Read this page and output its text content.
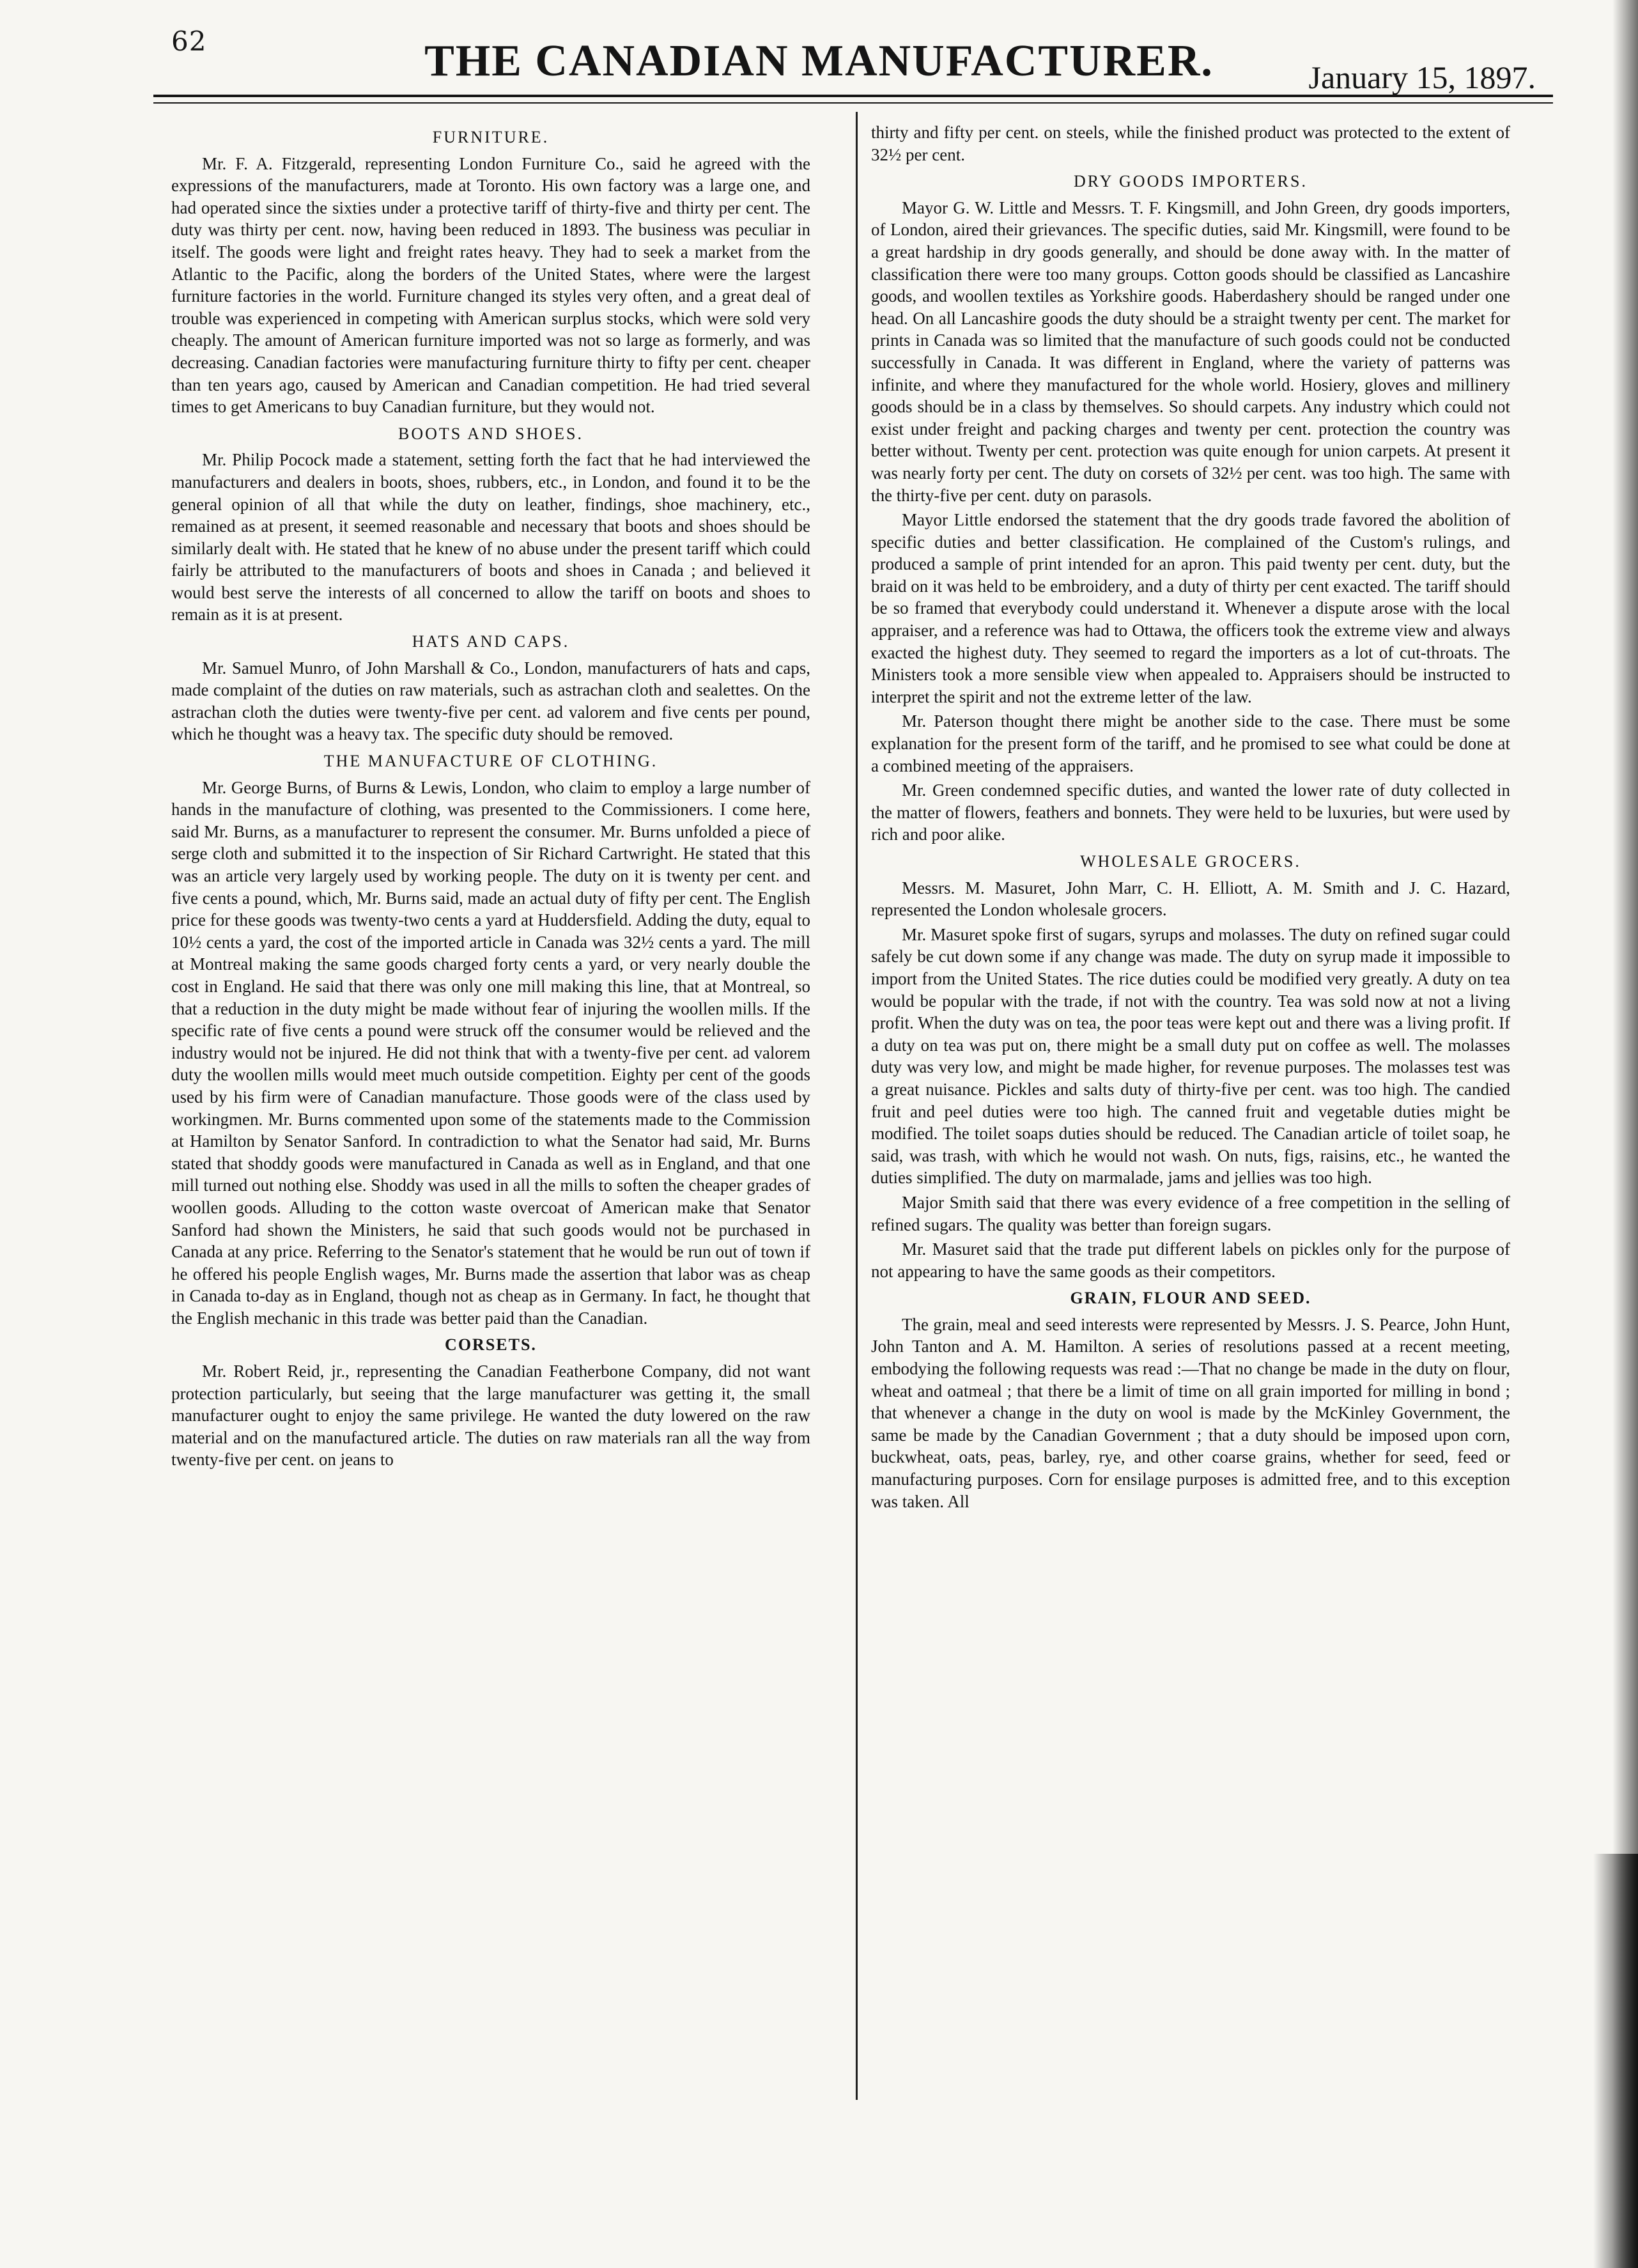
62	THE CANADIAN MANUFACTURER.	January 15, 1897.
FURNITURE.

Mr. F. A. Fitzgerald, representing London Furniture Co., said he agreed with the expressions of the manufacturers, made at Toronto. His own factory was a large one, and had operated since the sixties under a protective tariff of thirty-five and thirty per cent. The duty was thirty per cent. now, having been reduced in 1893. The business was peculiar in itself. The goods were light and freight rates heavy. They had to seek a market from the Atlantic to the Pacific, along the borders of the United States, where were the largest furniture factories in the world. Furniture changed its styles very often, and a great deal of trouble was experienced in competing with American surplus stocks, which were sold very cheaply. The amount of American furniture imported was not so large as formerly, and was decreasing. Canadian factories were manufacturing furniture thirty to fifty per cent. cheaper than ten years ago, caused by American and Canadian competition. He had tried several times to get Americans to buy Canadian furniture, but they would not.

BOOTS AND SHOES.

Mr. Philip Pocock made a statement, setting forth the fact that he had interviewed the manufacturers and dealers in boots, shoes, rubbers, etc., in London, and found it to be the general opinion of all that while the duty on leather, findings, shoe machinery, etc., remained as at present, it seemed reasonable and necessary that boots and shoes should be similarly dealt with. He stated that he knew of no abuse under the present tariff which could fairly be attributed to the manufacturers of boots and shoes in Canada ; and believed it would best serve the interests of all concerned to allow the tariff on boots and shoes to remain as it is at present.

HATS AND CAPS.

Mr. Samuel Munro, of John Marshall & Co., London, manufacturers of hats and caps, made complaint of the duties on raw materials, such as astrachan cloth and sealettes. On the astrachan cloth the duties were twenty-five per cent. ad valorem and five cents per pound, which he thought was a heavy tax. The specific duty should be removed.

THE MANUFACTURE OF CLOTHING.

Mr. George Burns, of Burns & Lewis, London, who claim to employ a large number of hands in the manufacture of clothing, was presented to the Commissioners. I come here, said Mr. Burns, as a manufacturer to represent the consumer. Mr. Burns unfolded a piece of serge cloth and submitted it to the inspection of Sir Richard Cartwright. He stated that this was an article very largely used by working people. The duty on it is twenty per cent. and five cents a pound, which, Mr. Burns said, made an actual duty of fifty per cent. The English price for these goods was twenty-two cents a yard at Huddersfield. Adding the duty, equal to 10½ cents a yard, the cost of the imported article in Canada was 32½ cents a yard. The mill at Montreal making the same goods charged forty cents a yard, or very nearly double the cost in England. He said that there was only one mill making this line, that at Montreal, so that a reduction in the duty might be made without fear of injuring the woollen mills. If the specific rate of five cents a pound were struck off the consumer would be relieved and the industry would not be injured. He did not think that with a twenty-five per cent. ad valorem duty the woollen mills would meet much outside competition. Eighty per cent of the goods used by his firm were of Canadian manufacture. Those goods were of the class used by workingmen. Mr. Burns commented upon some of the statements made to the Commission at Hamilton by Senator Sanford. In contradiction to what the Senator had said, Mr. Burns stated that shoddy goods were manufactured in Canada as well as in England, and that one mill turned out nothing else. Shoddy was used in all the mills to soften the cheaper grades of woollen goods. Alluding to the cotton waste overcoat of American make that Senator Sanford had shown the Ministers, he said that such goods would not be purchased in Canada at any price. Referring to the Senator's statement that he would be run out of town if he offered his people English wages, Mr. Burns made the assertion that labor was as cheap in Canada to-day as in England, though not as cheap as in Germany. In fact, he thought that the English mechanic in this trade was better paid than the Canadian.

CORSETS.

Mr. Robert Reid, jr., representing the Canadian Featherbone Company, did not want protection particularly, but seeing that the large manufacturer was getting it, the small manufacturer ought to enjoy the same privilege. He wanted the duty lowered on the raw material and on the manufactured article. The duties on raw materials ran all the way from twenty-five per cent. on jeans to

thirty and fifty per cent. on steels, while the finished product was protected to the extent of 32½ per cent.

DRY GOODS IMPORTERS.

Mayor G. W. Little and Messrs. T. F. Kingsmill, and John Green, dry goods importers, of London, aired their grievances. The specific duties, said Mr. Kingsmill, were found to be a great hardship in dry goods generally, and should be done away with. In the matter of classification there were too many groups. Cotton goods should be classified as Lancashire goods, and woollen textiles as Yorkshire goods. Haberdashery should be ranged under one head. On all Lancashire goods the duty should be a straight twenty per cent. The market for prints in Canada was so limited that the manufacture of such goods could not be conducted successfully in Canada. It was different in England, where the variety of patterns was infinite, and where they manufactured for the whole world. Hosiery, gloves and millinery goods should be in a class by themselves. So should carpets. Any industry which could not exist under freight and packing charges and twenty per cent. protection the country was better without. Twenty per cent. protection was quite enough for union carpets. At present it was nearly forty per cent. The duty on corsets of 32½ per cent. was too high. The same with the thirty-five per cent. duty on parasols.

Mayor Little endorsed the statement that the dry goods trade favored the abolition of specific duties and better classification. He complained of the Custom's rulings, and produced a sample of print intended for an apron. This paid twenty per cent. duty, but the braid on it was held to be embroidery, and a duty of thirty per cent exacted. The tariff should be so framed that everybody could understand it. Whenever a dispute arose with the local appraiser, and a reference was had to Ottawa, the officers took the extreme view and always exacted the highest duty. They seemed to regard the importers as a lot of cut-throats. The Ministers took a more sensible view when appealed to. Appraisers should be instructed to interpret the spirit and not the extreme letter of the law.

Mr. Paterson thought there might be another side to the case. There must be some explanation for the present form of the tariff, and he promised to see what could be done at a combined meeting of the appraisers.

Mr. Green condemned specific duties, and wanted the lower rate of duty collected in the matter of flowers, feathers and bonnets. They were held to be luxuries, but were used by rich and poor alike.

WHOLESALE GROCERS.

Messrs. M. Masuret, John Marr, C. H. Elliott, A. M. Smith and J. C. Hazard, represented the London wholesale grocers.

Mr. Masuret spoke first of sugars, syrups and molasses. The duty on refined sugar could safely be cut down some if any change was made. The duty on syrup made it impossible to import from the United States. The rice duties could be modified very greatly. A duty on tea would be popular with the trade, if not with the country. Tea was sold now at not a living profit. When the duty was on tea, the poor teas were kept out and there was a living profit. If a duty on tea was put on, there might be a small duty put on coffee as well. The molasses duty was very low, and might be made higher, for revenue purposes. The molasses test was a great nuisance. Pickles and salts duty of thirty-five per cent. was too high. The candied fruit and peel duties were too high. The canned fruit and vegetable duties might be modified. The toilet soaps duties should be reduced. The Canadian article of toilet soap, he said, was trash, with which he would not wash. On nuts, figs, raisins, etc., he wanted the duties simplified. The duty on marmalade, jams and jellies was too high.

Major Smith said that there was every evidence of a free competition in the selling of refined sugars. The quality was better than foreign sugars.

Mr. Masuret said that the trade put different labels on pickles only for the purpose of not appearing to have the same goods as their competitors.

GRAIN, FLOUR AND SEED.

The grain, meal and seed interests were represented by Messrs. J. S. Pearce, John Hunt, John Tanton and A. M. Hamilton. A series of resolutions passed at a recent meeting, embodying the following requests was read :—That no change be made in the duty on flour, wheat and oatmeal ; that there be a limit of time on all grain imported for milling in bond ; that whenever a change in the duty on wool is made by the McKinley Government, the same be made by the Canadian Government ; that a duty should be imposed upon corn, buckwheat, oats, peas, barley, rye, and other coarse grains, whether for seed, feed or manufacturing purposes. Corn for ensilage purposes is admitted free, and to this exception was taken. All
